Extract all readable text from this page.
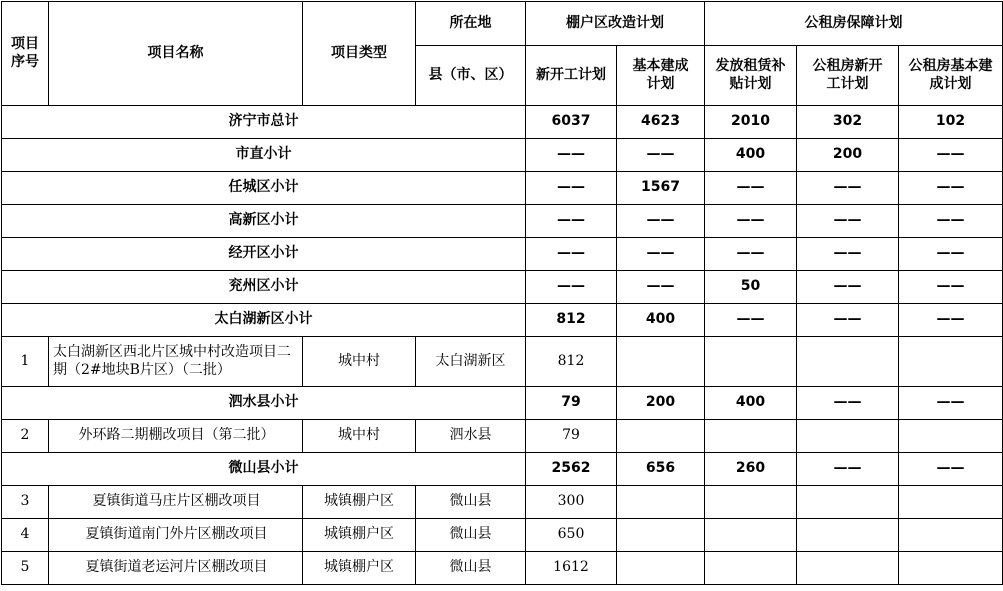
项目序号	项目名称	项目类型	所在地	棚户区改造计划		公租房保障计划		
			县（市、区）	新开工计划	基本建成计划	发放租赁补贴计划	公租房新开工计划	公租房基本建成计划
济宁市总计				6037	4623	2010	302	102
市直小计				——	——	400	200	——
任城区小计				——	1567	——	——	——
高新区小计				——	——	——	——	——
经开区小计				——	——	——	——	——
兖州区小计				——	——	50	——	——
太白湖新区小计				812	400	——	——	——
1	太白湖新区西北片区城中村改造项目二期（2#地块B片区）（二批）	城中村	太白湖新区	812				
泗水县小计				79	200	400	——	——
2	外环路二期棚改项目（第二批）	城中村	泗水县	79				
微山县小计				2562	656	260	——	——
3	夏镇街道马庄片区棚改项目	城镇棚户区	微山县	300				
4	夏镇街道南门外片区棚改项目	城镇棚户区	微山县	650				
5	夏镇街道老运河片区棚改项目	城镇棚户区	微山县	1612				
